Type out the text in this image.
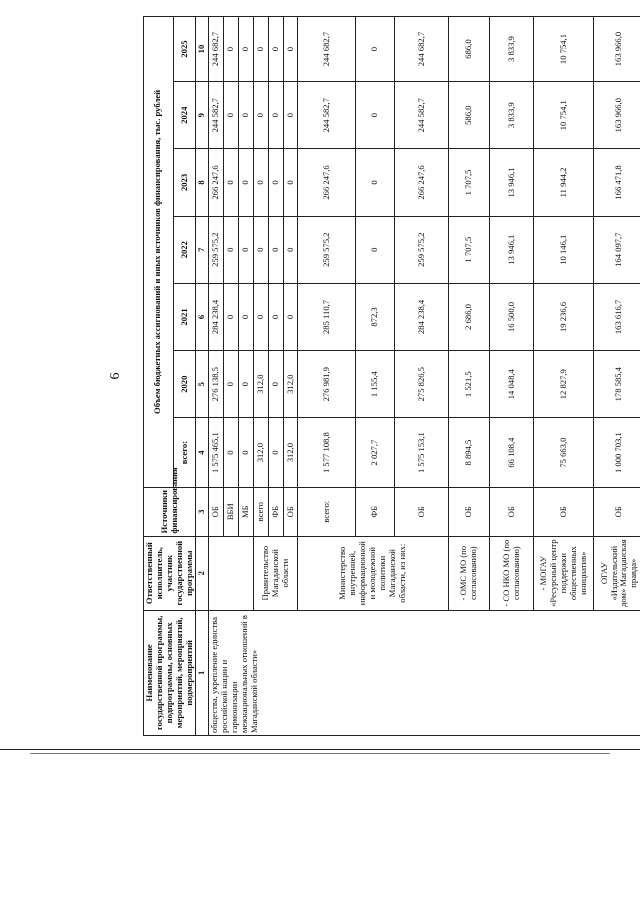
6
Наименование государственной программы, подпрограммы, основных мероприятий, мероприятий, подмероприятий	Ответственный исполнитель, участник государственной программы	Источники финансирования	Объем бюджетных ассигнований и иных источников финансирования, тыс. рублей						
			всего:	2020	2021	2022	2023	2024	2025
1	2	3	4	5	6	7	8	9	10
общества, укрепление единства российской нации и гармонизации межнациональных отношений в Магаданской области»		ОБ	1 575 465,1	276 138,5	284 238,4	259 575,2	266 247,6	244 582,7	244 682,7
		ВБИ	0	0	0	0	0	0	0
		МБ	0	0	0	0	0	0	0
	Правительство Магаданской области	всего	312,0	312,0	0	0	0	0	0
		ФБ	0	0	0	0	0	0	0
		ОБ	312,0	312,0	0	0	0	0	0
	Министерство внутренней, информационной и молодежной политики Магаданской области, из них:	всего:	1 577 108,8	276 981,9	285 110,7	259 575,2	266 247,6	244 582,7	244 682,7
		ФБ	2 027,7	1 155,4	872,3	0	0	0	0
		ОБ	1 575 153,1	275 826,5	284 238,4	259 575,2	266 247,6	244 582,7	244 682,7
	- ОМС МО (по согласованию)	ОБ	8 894,5	1 521,5	2 686,0	1 707,5	1 707,5	586,0	686,0
	- СО НКО МО (по согласованию)	ОБ	66 108,4	14 048,4	16 500,0	13 946,1	13 946,1	3 833,9	3 833,9
	- МОГАУ «Ресурсный центр поддержки общественных инициатив»	ОБ	75 663,0	12 827,9	19 236,6	10 146,1	11 944,2	10 754,1	10 754,1
	ОГАУ «Издательский дом» Магаданская правда»	ОБ	1 000 703,1	178 585,4	163 616,7	164 097,7	166 471,8	163 966,0	163 966,0
